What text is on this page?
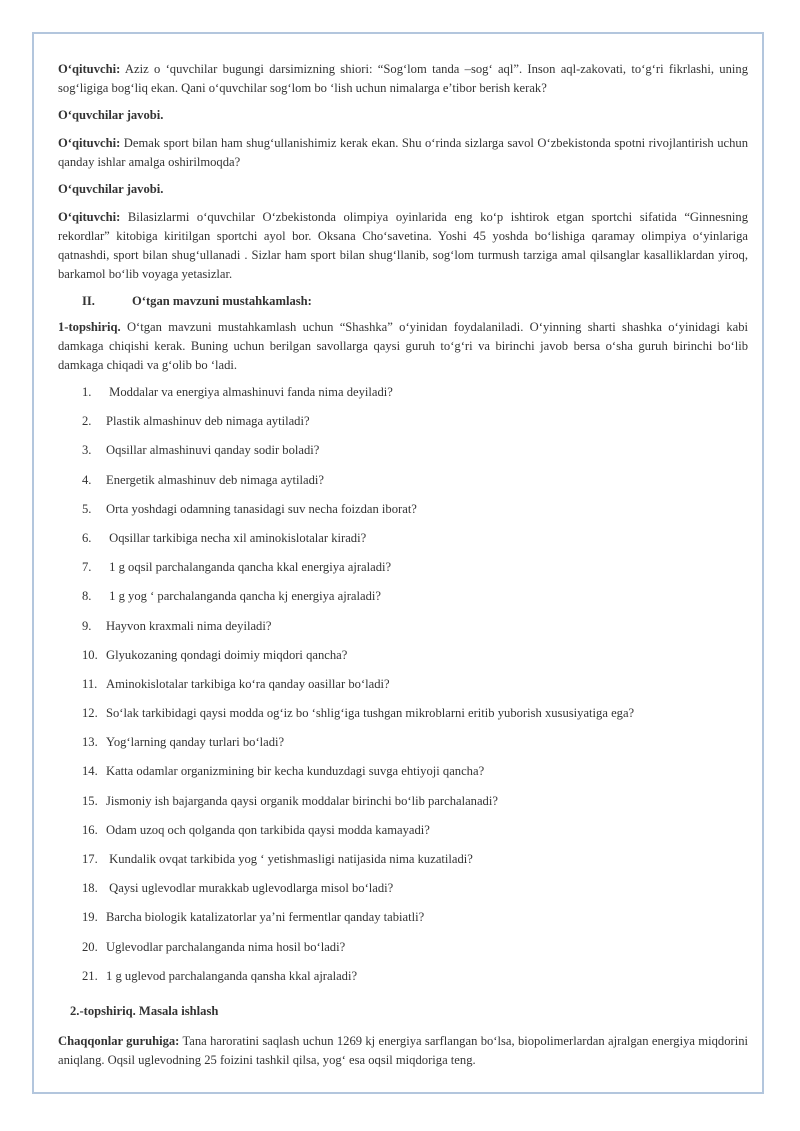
O‘qituvchi: Aziz o ‘quvchilar bugungi darsimizning shiori: “Sog‘lom tanda –sog‘ aql”. Inson aql-zakovati, to‘g‘ri fikrlashi, uning sog‘ligiga bog‘liq ekan. Qani o‘quvchilar sog‘lom bo ‘lish uchun nimalarga e’tibor berish kerak?

O‘quvchilar javobi.

O‘qituvchi: Demak sport bilan ham shug‘ullanishimiz kerak ekan. Shu o‘rinda sizlarga savol O‘zbekistonda spotni rivojlantirish uchun qanday ishlar amalga oshirilmoqda?

O‘quvchilar javobi.

O‘qituvchi: Bilasizlarmi o‘quvchilar O‘zbekistonda olimpiya oyinlarida eng ko‘p ishtirok etgan sportchi sifatida “Ginnesning rekordlar” kitobiga kiritilgan sportchi ayol bor. Oksana Cho‘savetina. Yoshi 45 yoshda bo‘lishiga qaramay olimpiya o‘yinlariga qatnashdi, sport bilan shug‘ullanadi . Sizlar ham sport bilan shug‘llanib, sog‘lom turmush tarziga amal qilsanglar kasalliklardan yiroq, barkamol bo‘lib voyaga yetasizlar.

II.	O‘tgan mavzuni mustahkamlash:

1-topshiriq. O‘tgan mavzuni mustahkamlash uchun “Shashka” o‘yinidan foydalaniladi. O‘yinning sharti shashka o‘yinidagi kabi damkaga chiqishi kerak. Buning uchun berilgan savollarga qaysi guruh to‘g‘ri va birinchi javob bersa o‘sha guruh birinchi bo‘lib damkaga chiqadi va g‘olib bo ‘ladi.

1. Moddalar va energiya almashinuvi fanda nima deyiladi?
2. Plastik almashinuv deb nimaga aytiladi?
3. Oqsillar almashinuvi qanday sodir boladi?
4. Energetik almashinuv deb nimaga aytiladi?
5. Orta yoshdagi odamning tanasidagi suv necha foizdan iborat?
6. Oqsillar tarkibiga necha xil aminokislotalar kiradi?
7. 1 g oqsil parchalanganda qancha kkal energiya ajraladi?
8. 1 g yog ‘ parchalanganda qancha kj energiya ajraladi?
9. Hayvon kraxmali nima deyiladi?
10. Glyukozaning qondagi doimiy miqdori qancha?
11. Aminokislotalar tarkibiga ko‘ra qanday oasillar bo‘ladi?
12. So‘lak tarkibidagi qaysi modda og‘iz bo ‘shlig‘iga tushgan mikroblarni eritib yuborish xususiyatiga ega?
13. Yog‘larning qanday turlari bo‘ladi?
14. Katta odamlar organizmining bir kecha kunduzdagi suvga ehtiyoji qancha?
15. Jismoniy ish bajarganda qaysi organik moddalar birinchi bo‘lib parchalanadi?
16. Odam uzoq och qolganda qon tarkibida qaysi modda kamayadi?
17. Kundalik ovqat tarkibida yog ‘ yetishmasligi natijasida nima kuzatiladi?
18. Qaysi uglevodlar murakkab uglevodlarga misol bo‘ladi?
19. Barcha biologik katalizatorlar ya’ni fermentlar qanday tabiatli?
20. Uglevodlar parchalanganda nima hosil bo‘ladi?
21. 1 g uglevod parchalanganda qansha kkal ajraladi?

2.-topshiriq. Masala ishlash

Chaqqonlar guruhiga: Tana haroratini saqlash uchun 1269 kj energiya sarflangan bo‘lsa, biopolimerlardan ajralgan energiya miqdorini aniqlang. Oqsil uglevodning 25 foizini tashkil qilsa, yog‘ esa oqsil miqdoriga teng.
